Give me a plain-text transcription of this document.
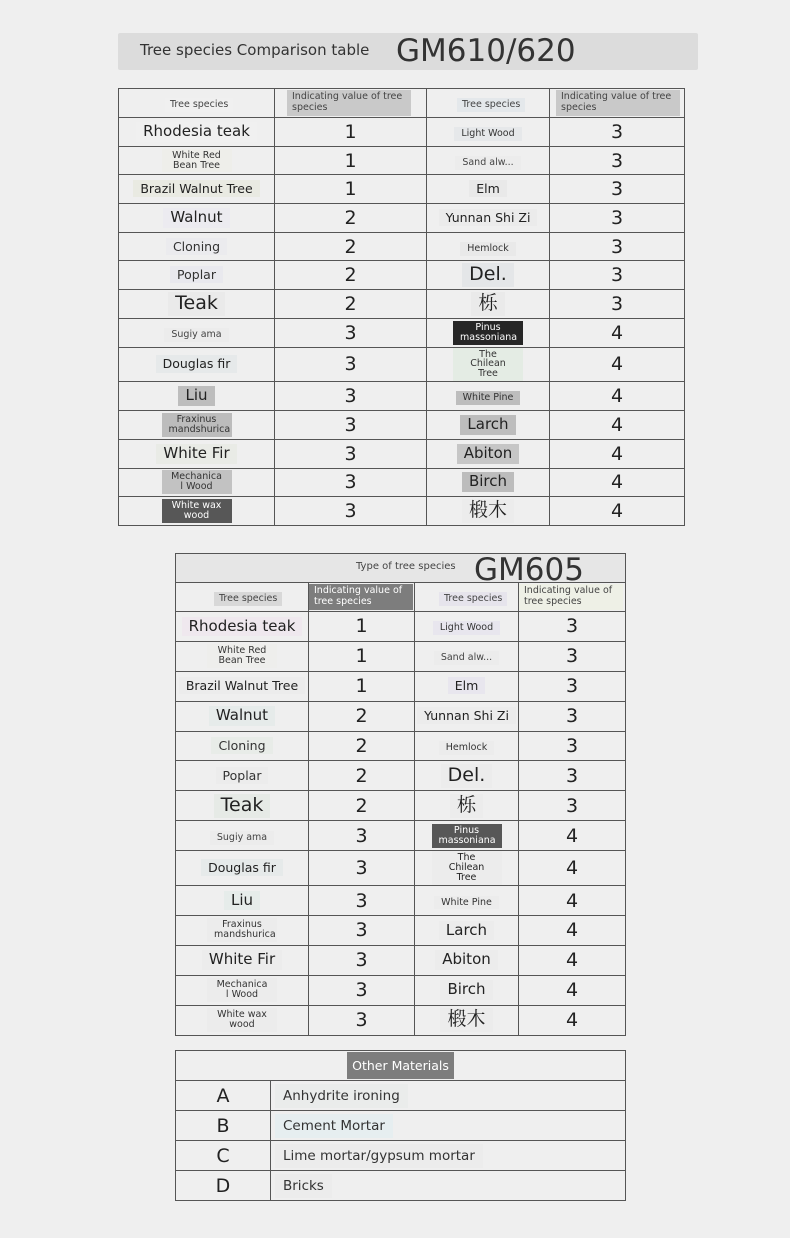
Tree species Comparison table GM610/620
Tree species	Indicating value of tree species	Tree species	Indicating value of tree species
Rhodesia teak	1	Light Wood	3
White Red Bean Tree	1	Sand alw...	3
Brazil Walnut Tree	1	Elm	3
Walnut	2	Yunnan Shi Zi	3
Cloning	2	Hemlock	3
Poplar	2	Del.	3
Teak	2	栎	3
Sugiy ama	3	Pinus massoniana	4
Douglas fir	3	The Chilean Tree	4
Liu	3	White Pine	4
Fraxinus mandshurica	3	Larch	4
White Fir	3	Abiton	4
Mechanica l Wood	3	Birch	4
White wax wood	3	椴木	4
Type of tree species GM605			

Tree species	Indicating value of tree species	Tree species	Indicating value of tree species
Rhodesia teak	1	Light Wood	3
White Red Bean Tree	1	Sand alw...	3
Brazil Walnut Tree	1	Elm	3
Walnut	2	Yunnan Shi Zi	3
Cloning	2	Hemlock	3
Poplar	2	Del.	3
Teak	2	栎	3
Sugiy ama	3	Pinus massoniana	4
Douglas fir	3	The Chilean Tree	4
Liu	3	White Pine	4
Fraxinus mandshurica	3	Larch	4
White Fir	3	Abiton	4
Mechanica l Wood	3	Birch	4
White wax wood	3	椴木	4
Other Materials	
A	Anhydrite ironing
B	Cement Mortar
C	Lime mortar/gypsum mortar
D	Bricks
